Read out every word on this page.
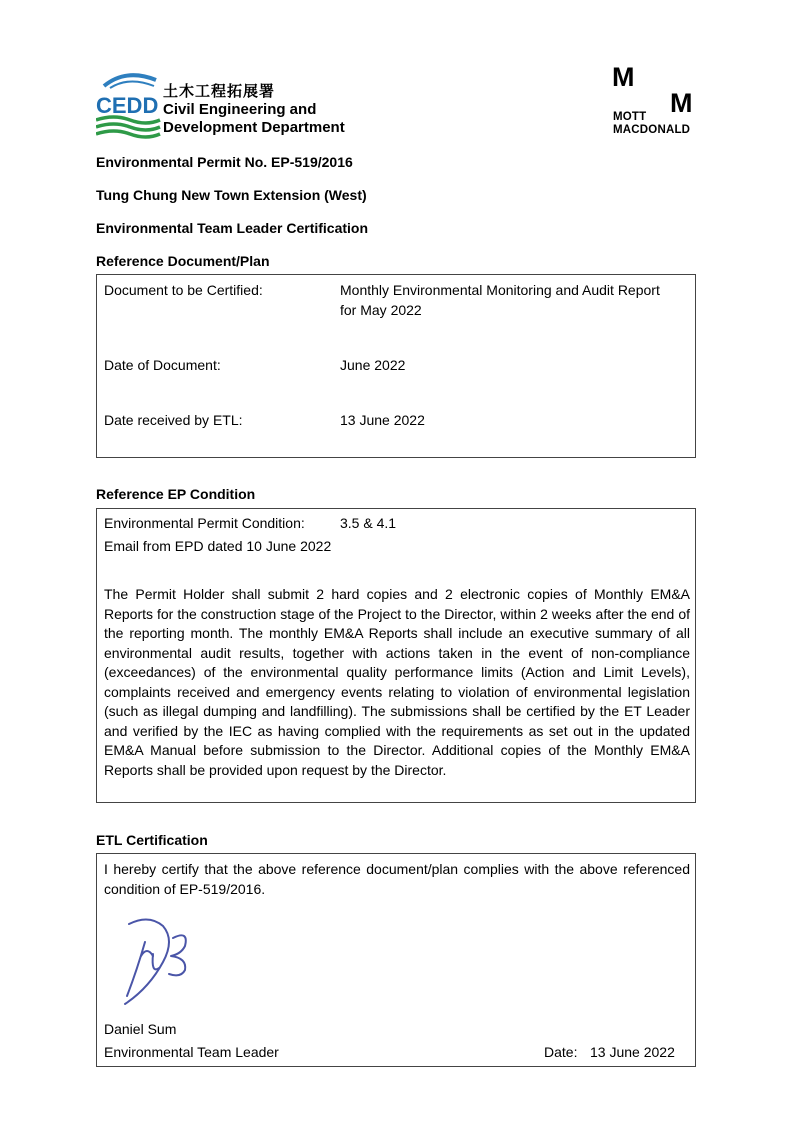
CEDD
土木工程拓展署
Civil Engineering and
Development Department
M
M
MOTT
MACDONALD
Environmental Permit No. EP-519/2016
Tung Chung New Town Extension (West)
Environmental Team Leader Certification
Reference Document/Plan
Document to be Certified:	Monthly Environmental Monitoring and Audit Report
for May 2022
Date of Document:	June 2022
Date received by ETL:	13 June 2022
Reference EP Condition
Environmental Permit Condition:	3.5 & 4.1
Email from EPD dated 10 June 2022
The Permit Holder shall submit 2 hard copies and 2 electronic copies of Monthly EM&A Reports for the construction stage of the Project to the Director, within 2 weeks after the end of the reporting month. The monthly EM&A Reports shall include an executive summary of all environmental audit results, together with actions taken in the event of non-compliance (exceedances) of the environmental quality performance limits (Action and Limit Levels), complaints received and emergency events relating to violation of environmental legislation (such as illegal dumping and landfilling). The submissions shall be certified by the ET Leader and verified by the IEC as having complied with the requirements as set out in the updated EM&A Manual before submission to the Director. Additional copies of the Monthly EM&A Reports shall be provided upon request by the Director.
ETL Certification
I hereby certify that the above reference document/plan complies with the above referenced condition of EP-519/2016.
Daniel Sum
Environmental Team Leader	Date: 13 June 2022
